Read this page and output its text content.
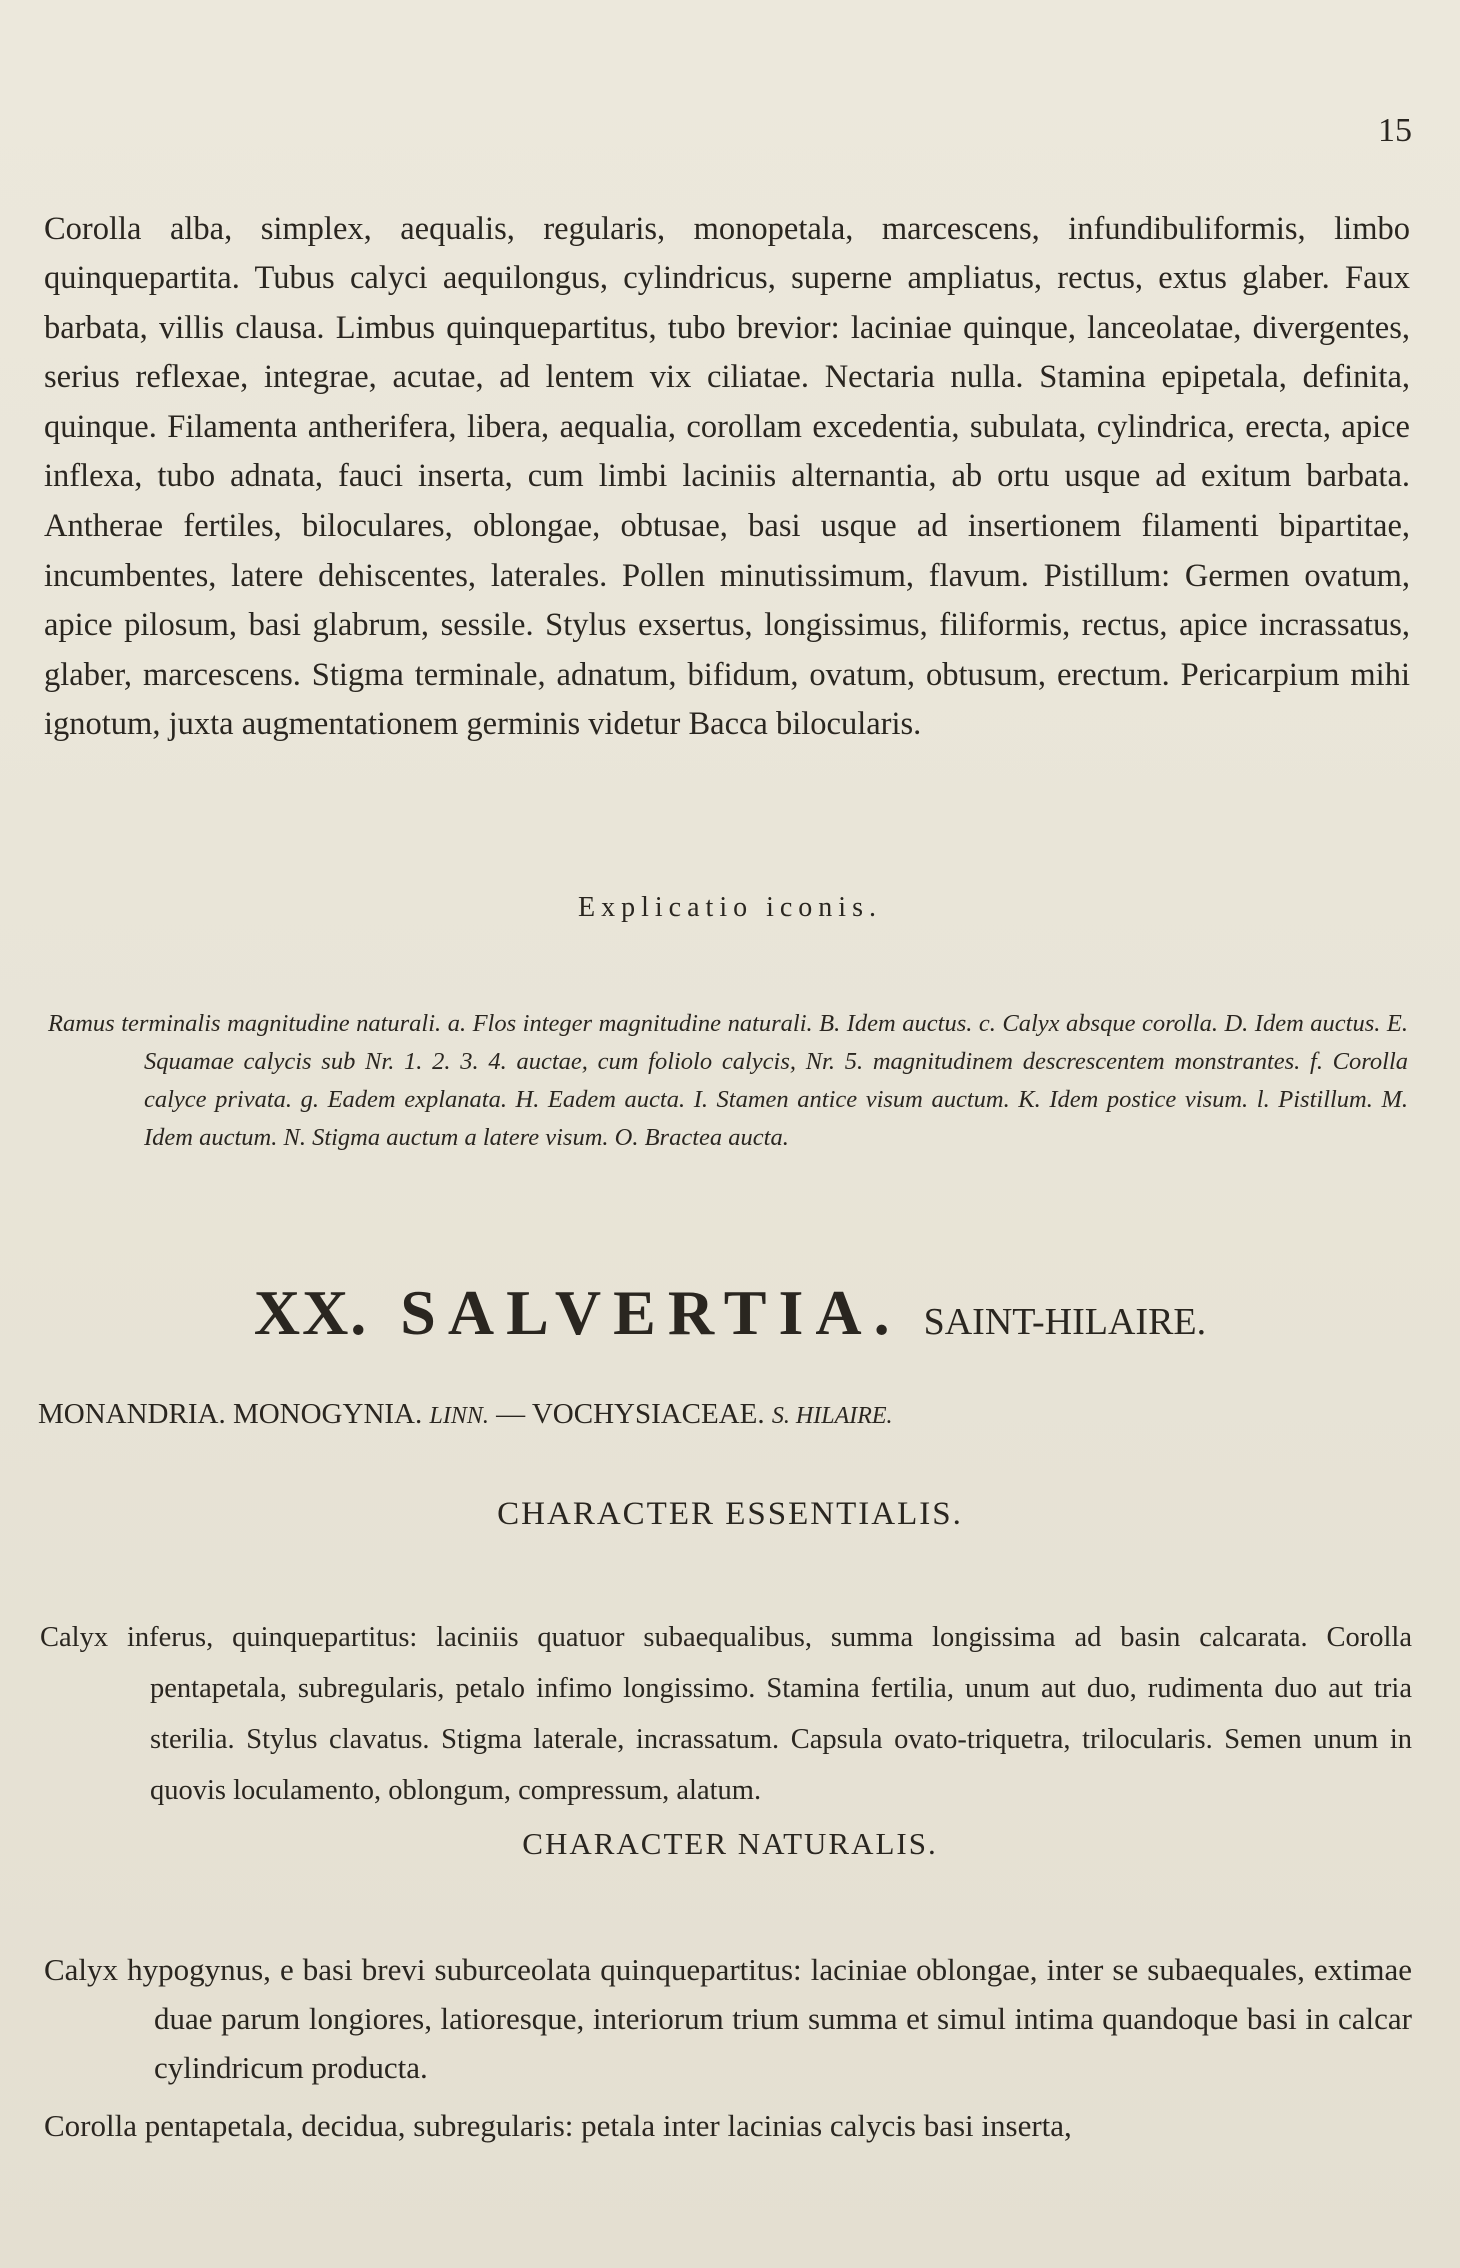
15

Corolla alba, simplex, aequalis, regularis, monopetala, marcescens, infundibuliformis, limbo quinquepartita. Tubus calyci aequilongus, cylindricus, superne ampliatus, rectus, extus glaber. Faux barbata, villis clausa. Limbus quinquepartitus, tubo brevior: laciniae quinque, lanceolatae, divergentes, serius reflexae, integrae, acutae, ad lentem vix ciliatae. Nectaria nulla. Stamina epipetala, definita, quinque. Filamenta antherifera, libera, aequalia, corollam excedentia, subulata, cylindrica, erecta, apice inflexa, tubo adnata, fauci inserta, cum limbi laciniis alternantia, ab ortu usque ad exitum barbata. Antherae fertiles, biloculares, oblongae, obtusae, basi usque ad insertionem filamenti bipartitae, incumbentes, latere dehiscentes, laterales. Pollen minutissimum, flavum. Pistillum: Germen ovatum, apice pilosum, basi glabrum, sessile. Stylus exsertus, longissimus, filiformis, rectus, apice incrassatus, glaber, marcescens. Stigma terminale, adnatum, bifidum, ovatum, obtusum, erectum. Pericarpium mihi ignotum, juxta augmentationem germinis videtur Bacca bilocularis.

Explicatio iconis.

Ramus terminalis magnitudine naturali. a. Flos integer magnitudine naturali. B. Idem auctus. c. Calyx absque corolla. D. Idem auctus. E. Squamae calycis sub Nr. 1. 2. 3. 4. auctae, cum foliolo calycis, Nr. 5. magnitudinem descrescentem monstrantes. f. Corolla calyce privata. g. Eadem explanata. H. Eadem aucta. I. Stamen antice visum auctum. K. Idem postice visum. l. Pistillum. M. Idem auctum. N. Stigma auctum a latere visum. O. Bractea aucta.

XX. SALVERTIA. SAINT-HILAIRE.
MONANDRIA. MONOGYNIA. LINN. — VOCHYSIACEAE. S. HILAIRE.
CHARACTER ESSENTIALIS.

Calyx inferus, quinquepartitus: laciniis quatuor subaequalibus, summa longissima ad basin calcarata. Corolla pentapetala, subregularis, petalo infimo longissimo. Stamina fertilia, unum aut duo, rudimenta duo aut tria sterilia. Stylus clavatus. Stigma laterale, incrassatum. Capsula ovato-triquetra, trilocularis. Semen unum in quovis loculamento, oblongum, compressum, alatum.

CHARACTER NATURALIS.

Calyx hypogynus, e basi brevi suburceolata quinquepartitus: laciniae oblongae, inter se subaequales, extimae duae parum longiores, latioresque, interiorum trium summa et simul intima quandoque basi in calcar cylindricum producta.

Corolla pentapetala, decidua, subregularis: petala inter lacinias calycis basi inserta,
